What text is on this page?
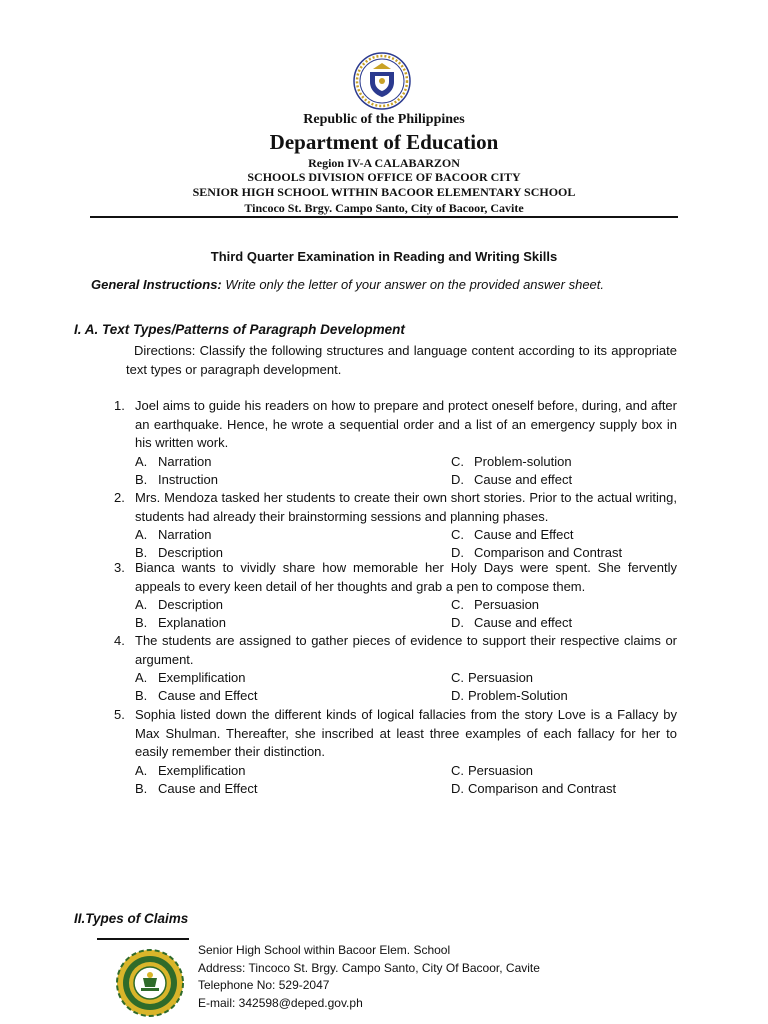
Republic of the Philippines
Department of Education
Region IV-A CALABARZON
SCHOOLS DIVISION OFFICE OF BACOOR CITY
SENIOR HIGH SCHOOL WITHIN BACOOR ELEMENTARY SCHOOL
Tincoco St. Brgy. Campo Santo, City of Bacoor, Cavite
Third Quarter Examination in Reading and Writing Skills
General Instructions: Write only the letter of your answer on the provided answer sheet.
I. A. Text Types/Patterns of Paragraph Development
Directions: Classify the following structures and language content according to its appropriate text types or paragraph development.
1. Joel aims to guide his readers on how to prepare and protect oneself before, during, and after an earthquake. Hence, he wrote a sequential order and a list of an emergency supply box in his written work.
A. Narration	C. Problem-solution
B. Instruction	D. Cause and effect
2. Mrs. Mendoza tasked her students to create their own short stories. Prior to the actual writing, students had already their brainstorming sessions and planning phases.
A. Narration	C. Cause and Effect
B. Description	D. Comparison and Contrast
3. Bianca wants to vividly share how memorable her Holy Days were spent. She fervently appeals to every keen detail of her thoughts and grab a pen to compose them.
A. Description	C. Persuasion
B. Explanation	D. Cause and effect
4. The students are assigned to gather pieces of evidence to support their respective claims or argument.
A. Exemplification	C. Persuasion
B. Cause and Effect	D. Problem-Solution
5. Sophia listed down the different kinds of logical fallacies from the story Love is a Fallacy by Max Shulman. Thereafter, she inscribed at least three examples of each fallacy for her to easily remember their distinction.
A. Exemplification	C. Persuasion
B. Cause and Effect	D. Comparison and Contrast
II.Types of Claims
Senior High School within Bacoor Elem. School
Address: Tincoco St. Brgy. Campo Santo, City Of Bacoor, Cavite
Telephone No: 529-2047
E-mail: 342598@deped.gov.ph
